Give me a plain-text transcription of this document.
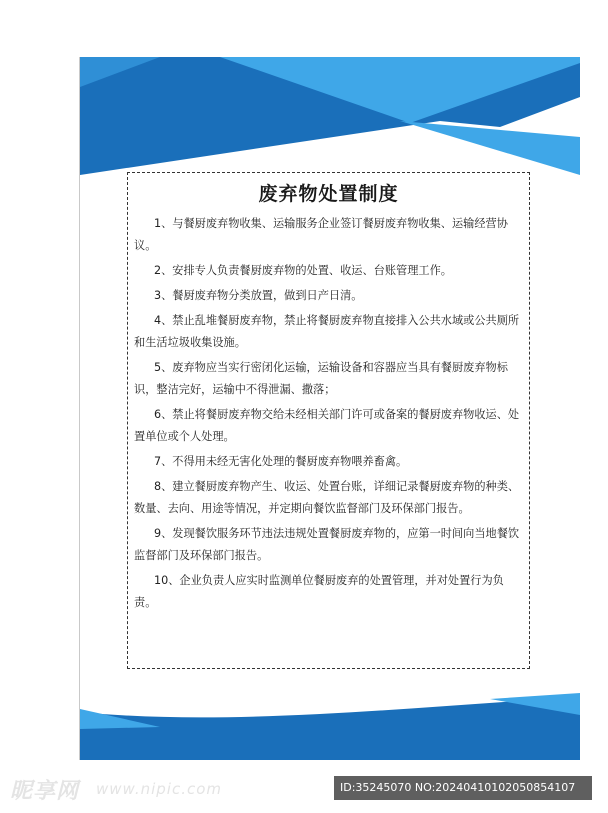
废弃物处置制度

1、与餐厨废弃物收集、运输服务企业签订餐厨废弃物收集、运输经营协议。

2、安排专人负责餐厨废弃物的处置、收运、台账管理工作。

3、餐厨废弃物分类放置，做到日产日清。

4、禁止乱堆餐厨废弃物，禁止将餐厨废弃物直接排入公共水域或公共厕所和生活垃圾收集设施。

5、废弃物应当实行密闭化运输，运输设备和容器应当具有餐厨废弃物标识，整洁完好，运输中不得泄漏、撒落；

6、禁止将餐厨废弃物交给未经相关部门许可或备案的餐厨废弃物收运、处置单位或个人处理。

7、不得用未经无害化处理的餐厨废弃物喂养畜禽。

8、建立餐厨废弃物产生、收运、处置台账，详细记录餐厨废弃物的种类、数量、去向、用途等情况，并定期向餐饮监督部门及环保部门报告。

9、发现餐饮服务环节违法违规处置餐厨废弃物的，应第一时间向当地餐饮监督部门及环保部门报告。

10、企业负责人应实时监测单位餐厨废弃的处置管理，并对处置行为负责。

昵享网 www.nipic.com	ID:35245070 NO:20240410102050854107
